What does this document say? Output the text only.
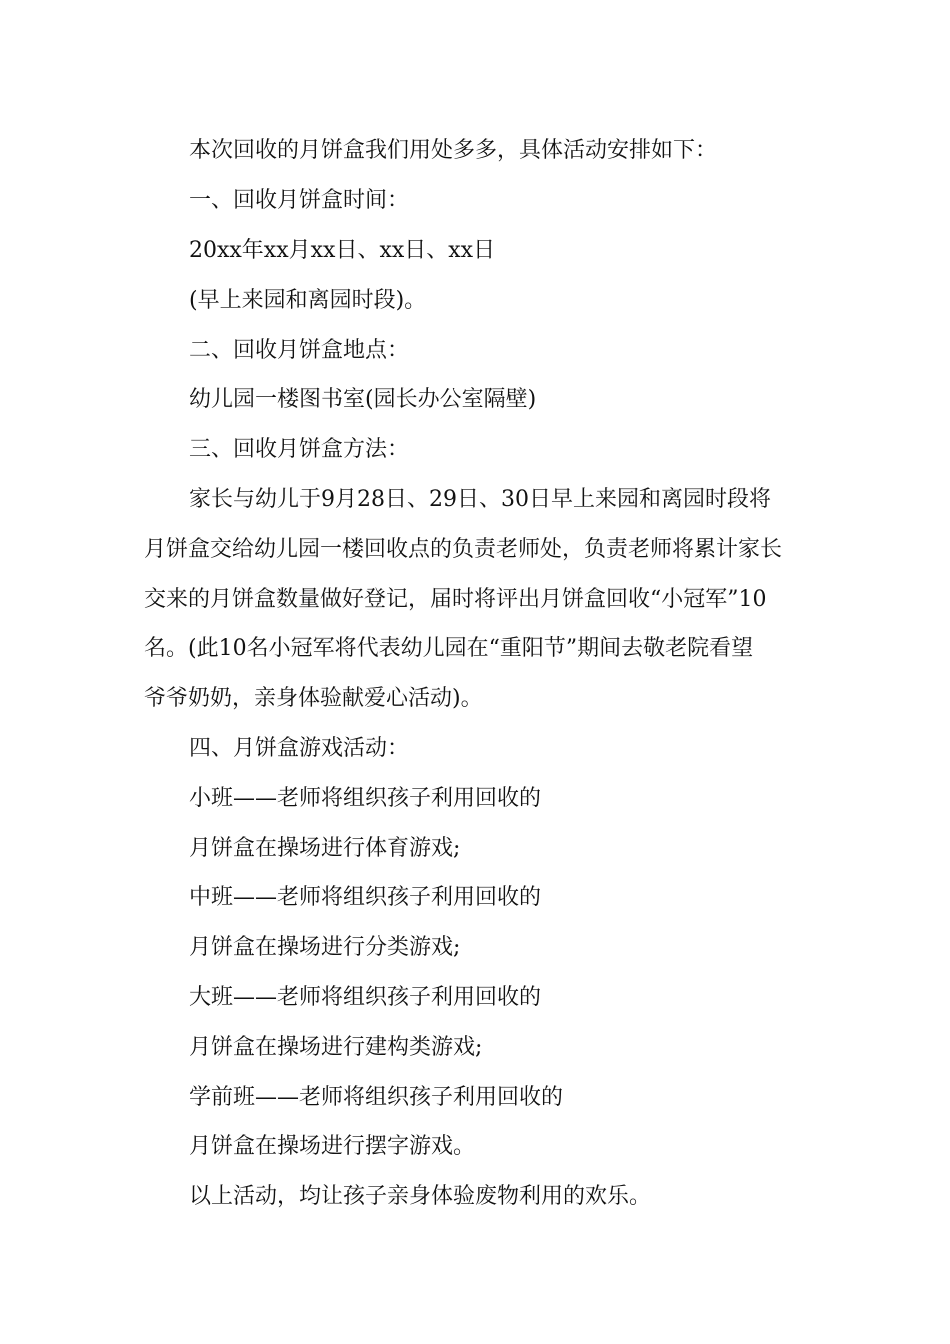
本次回收的月饼盒我们用处多多，具体活动安排如下：
一、回收月饼盒时间：
20xx年xx月xx日、xx日、xx日
(早上来园和离园时段)。
二、回收月饼盒地点：
幼儿园一楼图书室(园长办公室隔壁)
三、回收月饼盒方法：
家长与幼儿于9月28日、29日、30日早上来园和离园时段将
月饼盒交给幼儿园一楼回收点的负责老师处，负责老师将累计家长
交来的月饼盒数量做好登记，届时将评出月饼盒回收“小冠军”10
名。(此10名小冠军将代表幼儿园在“重阳节”期间去敬老院看望
爷爷奶奶，亲身体验献爱心活动)。
四、月饼盒游戏活动：
小班——老师将组织孩子利用回收的
月饼盒在操场进行体育游戏;
中班——老师将组织孩子利用回收的
月饼盒在操场进行分类游戏;
大班——老师将组织孩子利用回收的
月饼盒在操场进行建构类游戏;
学前班——老师将组织孩子利用回收的
月饼盒在操场进行摆字游戏。
以上活动，均让孩子亲身体验废物利用的欢乐。
